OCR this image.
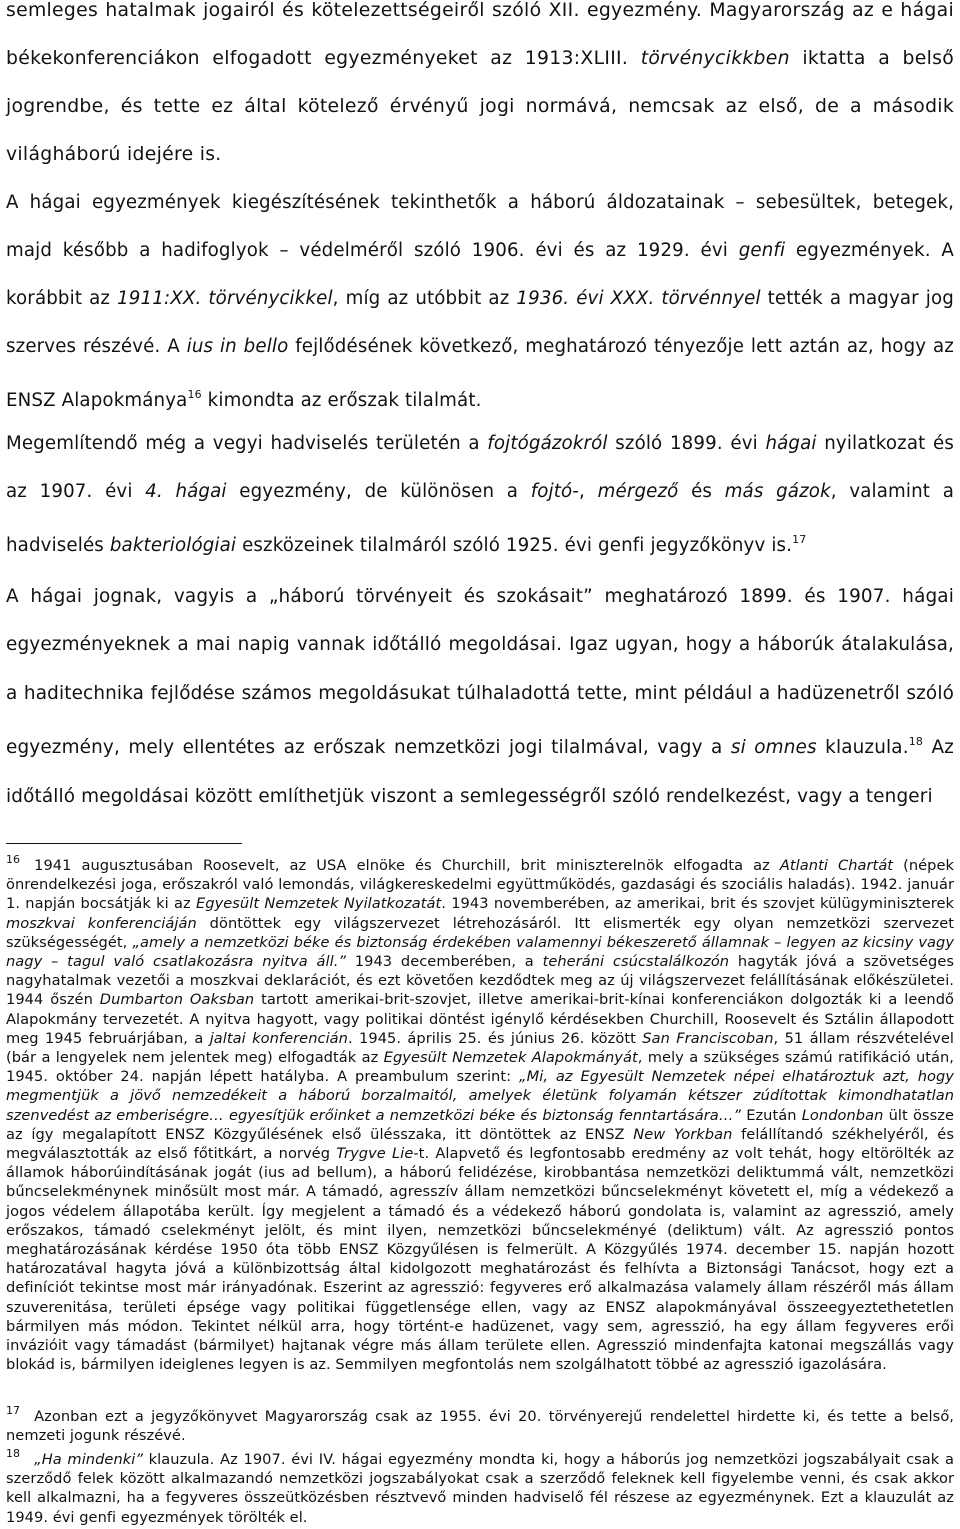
semleges hatalmak jogairól és kötelezettségeiről szóló XII. egyezmény. Magyarország az e hágai békekonferenciákon elfogadott egyezményeket az 1913:XLIII. törvénycikkben iktatta a belső jogrendbe, és tette ez által kötelező érvényű jogi normává, nemcsak az első, de a második világháború idejére is.
A hágai egyezmények kiegészítésének tekinthetők a háború áldozatainak – sebesültek, betegek, majd később a hadifoglyok – védelméről szóló 1906. évi és az 1929. évi genfi egyezmények. A korábbit az 1911:XX. törvénycikkel, míg az utóbbit az 1936. évi XXX. törvénnyel tették a magyar jog szerves részévé. A ius in bello fejlődésének következő, meghatározó tényezője lett aztán az, hogy az ENSZ Alapokmánya$^{16}$ kimondta az erőszak tilalmát.
Megemlítendő még a vegyi hadviselés területén a fojtógázokról szóló 1899. évi hágai nyilatkozat és az 1907. évi 4. hágai egyezmény, de különösen a fojtó-, mérgező és más gázok, valamint a hadviselés bakteriológiai eszközeinek tilalmáról szóló 1925. évi genfi jegyzőkönyv is.$^{17}$
A hágai jognak, vagyis a „háború törvényeit és szokásait” meghatározó 1899. és 1907. hágai egyezményeknek a mai napig vannak időtálló megoldásai. Igaz ugyan, hogy a háborúk átalakulása, a haditechnika fejlődése számos megoldásukat túlhaladottá tette, mint például a hadüzenetről szóló egyezmény, mely ellentétes az erőszak nemzetközi jogi tilalmával, vagy a si omnes klauzula.$^{18}$ Az időtálló megoldásai között említhetjük viszont a semlegességről szóló rendelkezést, vagy a tengeri
$^{16}$ 1941 augusztusában Roosevelt, az USA elnöke és Churchill, brit miniszterelnök elfogadta az Atlanti Chartát (népek önrendelkezési joga, erőszakról való lemondás, világkereskedelmi együttműködés, gazdasági és szociális haladás). 1942. január 1. napján bocsátják ki az Egyesült Nemzetek Nyilatkozatát. 1943 novemberében, az amerikai, brit és szovjet külügyminiszterek moszkvai konferenciáján döntöttek egy világszervezet létrehozásáról. Itt elismerték egy olyan nemzetközi szervezet szükségességét, „amely a nemzetközi béke és biztonság érdekében valamennyi békeszerető államnak – legyen az kicsiny vagy nagy – tagul való csatlakozásra nyitva áll.” 1943 decemberében, a teheráni csúcstalálkozón hagyták jóvá a szövetséges nagyhatalmak vezetői a moszkvai deklarációt, és ezt követően kezdődtek meg az új világszervezet felállításának előkészületei. 1944 őszén Dumbarton Oaksban tartott amerikai-brit-szovjet, illetve amerikai-brit-kínai konferenciákon dolgozták ki a leendő Alapokmány tervezetét. A nyitva hagyott, vagy politikai döntést igénylő kérdésekben Churchill, Roosevelt és Sztálin állapodott meg 1945 februárjában, a jaltai konferencián. 1945. április 25. és június 26. között San Franciscoban, 51 állam részvételével (bár a lengyelek nem jelentek meg) elfogadták az Egyesült Nemzetek Alapokmányát, mely a szükséges számú ratifikáció után, 1945. október 24. napján lépett hatályba. A preambulum szerint: „Mi, az Egyesült Nemzetek népei elhatároztuk azt, hogy megmentjük a jövő nemzedékeit a háború borzalmaitól, amelyek életünk folyamán kétszer zúdítottak kimondhatatlan szenvedést az emberiségre… egyesítjük erőinket a nemzetközi béke és biztonság fenntartására…” Ezután Londonban ült össze az így megalapított ENSZ Közgyűlésének első ülésszaka, itt döntöttek az ENSZ New Yorkban felállítandó székhelyéről, és megválasztották az első főtitkárt, a norvég Trygve Lie-t. Alapvető és legfontosabb eredmény az volt tehát, hogy eltörölték az államok háborúindításának jogát (ius ad bellum), a háború felidézése, kirobbantása nemzetközi deliktummá vált, nemzetközi bűncselekménynek minősült most már. A támadó, agresszív állam nemzetközi bűncselekményt követett el, míg a védekező a jogos védelem állapotába került. Így megjelent a támadó és a védekező háború gondolata is, valamint az agresszió, amely erőszakos, támadó cselekményt jelölt, és mint ilyen, nemzetközi bűncselekményé (deliktum) vált. Az agresszió pontos meghatározásának kérdése 1950 óta több ENSZ Közgyűlésen is felmerült. A Közgyűlés 1974. december 15. napján hozott határozatával hagyta jóvá a különbizottság által kidolgozott meghatározást és felhívta a Biztonsági Tanácsot, hogy ezt a definíciót tekintse most már irányadónak. Eszerint az agresszió: fegyveres erő alkalmazása valamely állam részéről más állam szuverenitása, területi épsége vagy politikai függetlensége ellen, vagy az ENSZ alapokmányával összeegyeztethetetlen bármilyen más módon. Tekintet nélkül arra, hogy történt-e hadüzenet, vagy sem, agresszió, ha egy állam fegyveres erői invázióit vagy támadást (bármilyet) hajtanak végre más állam területe ellen. Agresszió mindenfajta katonai megszállás vagy blokád is, bármilyen ideiglenes legyen is az. Semmilyen megfontolás nem szolgálhatott többé az agresszió igazolására.
$^{17}$ Azonban ezt a jegyzőkönyvet Magyarország csak az 1955. évi 20. törvényerejű rendelettel hirdette ki, és tette a belső, nemzeti jogunk részévé.
$^{18}$ „Ha mindenki” klauzula. Az 1907. évi IV. hágai egyezmény mondta ki, hogy a háborús jog nemzetközi jogszabályait csak a szerződő felek között alkalmazandó nemzetközi jogszabályokat csak a szerződő feleknek kell figyelembe venni, és csak akkor kell alkalmazni, ha a fegyveres összeütközésben résztvevő minden hadviselő fél részese az egyezménynek. Ezt a klauzulát az 1949. évi genfi egyezmények törölték el.
